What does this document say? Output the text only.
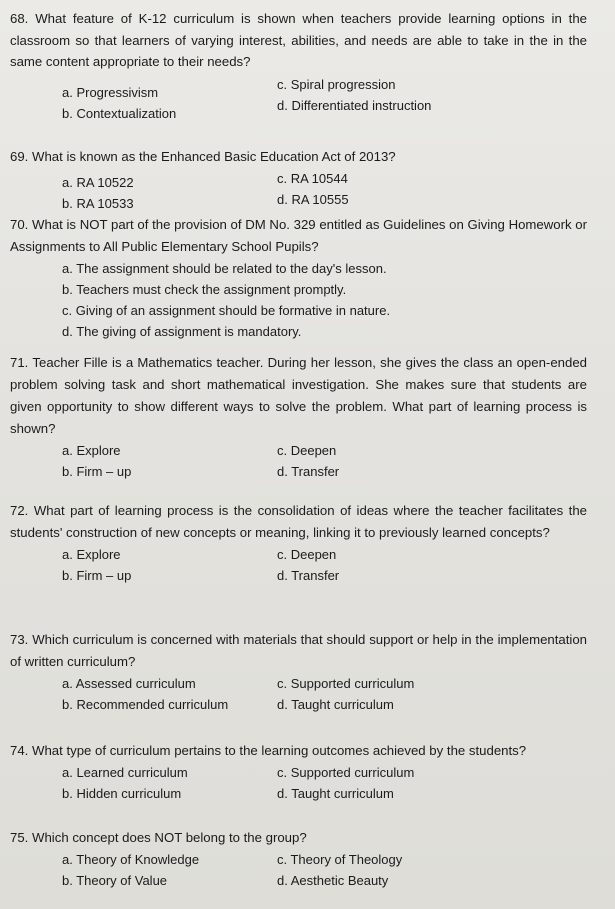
68. What feature of K-12 curriculum is shown when teachers provide learning options in the classroom so that learners of varying interest, abilities, and needs are able to take in the in the same content appropriate to their needs?

a. Progressivism
c. Spiral progression
b. Contextualization
d. Differentiated instruction

69. What is known as the Enhanced Basic Education Act of 2013?

a. RA 10522	c. RA 10544
b. RA 10533	d. RA 10555

70. What is NOT part of the provision of DM No. 329 entitled as Guidelines on Giving Homework or Assignments to All Public Elementary School Pupils?

a. The assignment should be related to the day's lesson.
b. Teachers must check the assignment promptly.
c. Giving of an assignment should be formative in nature.
d. The giving of assignment is mandatory.

71. Teacher Fille is a Mathematics teacher. During her lesson, she gives the class an open-ended problem solving task and short mathematical investigation. She makes sure that students are given opportunity to show different ways to solve the problem. What part of learning process is shown?

a. Explore	c. Deepen
b. Firm – up	d. Transfer

72. What part of learning process is the consolidation of ideas where the teacher facilitates the students' construction of new concepts or meaning, linking it to previously learned concepts?

a. Explore	c. Deepen
b. Firm – up	d. Transfer

73. Which curriculum is concerned with materials that should support or help in the implementation of written curriculum?

a. Assessed curriculum	c. Supported curriculum
b. Recommended curriculum	d. Taught curriculum

74. What type of curriculum pertains to the learning outcomes achieved by the students?

a. Learned curriculum	c. Supported curriculum
b. Hidden curriculum	d. Taught curriculum

75. Which concept does NOT belong to the group?

a. Theory of Knowledge	c. Theory of Theology
b. Theory of Value	d. Aesthetic Beauty
